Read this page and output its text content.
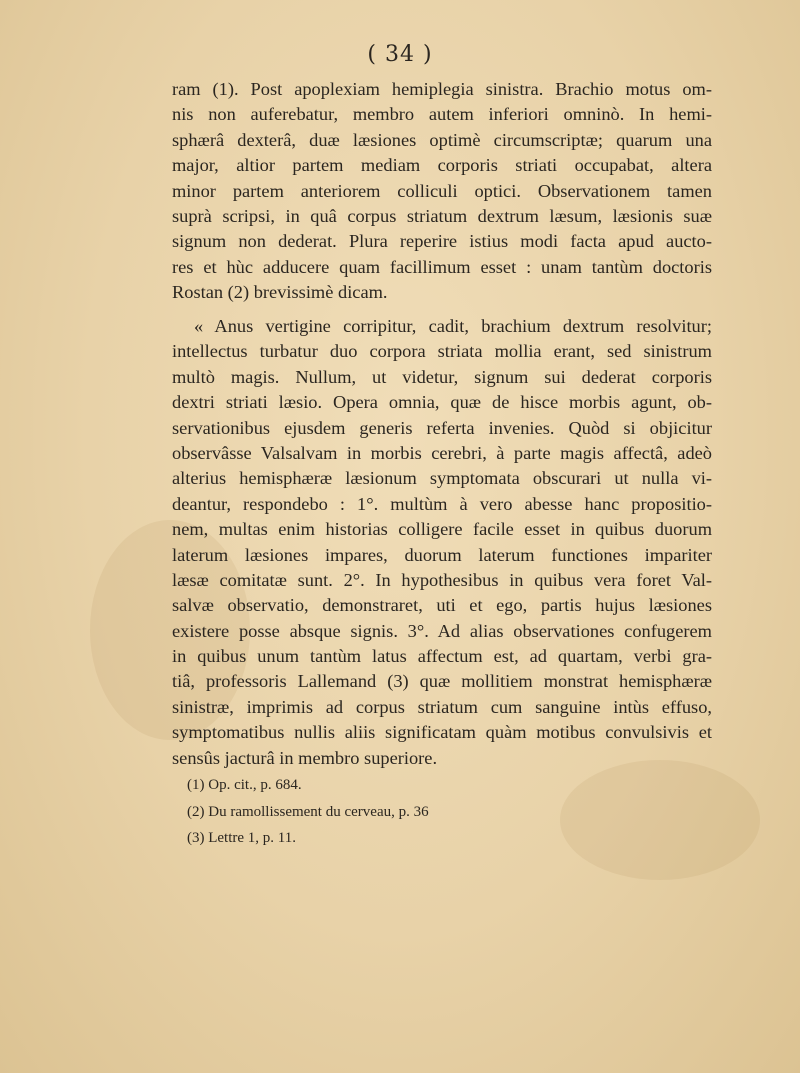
( 34 )
ram (1). Post apoplexiam hemiplegia sinistra. Brachio motus om-
nis non auferebatur, membro autem inferiori omninò. In hemi-
sphærâ dexterâ, duæ læsiones optimè circumscriptæ; quarum una
major, altior partem mediam corporis striati occupabat, altera
minor partem anteriorem colliculi optici. Observationem tamen
suprà scripsi, in quâ corpus striatum dextrum læsum, læsionis suæ
signum non dederat. Plura reperire istius modi facta apud aucto-
res et hùc adducere quam facillimum esset : unam tantùm doctoris
Rostan (2) brevissimè dicam.
« Anus vertigine corripitur, cadit, brachium dextrum resolvitur;
intellectus turbatur duo corpora striata mollia erant, sed sinistrum
multò magis. Nullum, ut videtur, signum sui dederat corporis
dextri striati læsio. Opera omnia, quæ de hisce morbis agunt, ob-
servationibus ejusdem generis referta invenies. Quòd si objicitur
observâsse Valsalvam in morbis cerebri, à parte magis affectâ, adeò
alterius hemisphæræ læsionum symptomata obscurari ut nulla vi-
deantur, respondebo : 1°. multùm à vero abesse hanc propositio-
nem, multas enim historias colligere facile esset in quibus duorum
laterum læsiones impares, duorum laterum functiones impariter
læsæ comitatæ sunt. 2°. In hypothesibus in quibus vera foret Val-
salvæ observatio, demonstraret, uti et ego, partis hujus læsiones
existere posse absque signis. 3°. Ad alias observationes confugerem
in quibus unum tantùm latus affectum est, ad quartam, verbi gra-
tiâ, professoris Lallemand (3) quæ mollitiem monstrat hemisphæræ
sinistræ, imprimis ad corpus striatum cum sanguine intùs effuso,
symptomatibus nullis aliis significatam quàm motibus convulsivis et
sensûs jacturâ in membro superiore.
(1) Op. cit., p. 684.
(2) Du ramollissement du cerveau, p. 36
(3) Lettre 1, p. 11.
